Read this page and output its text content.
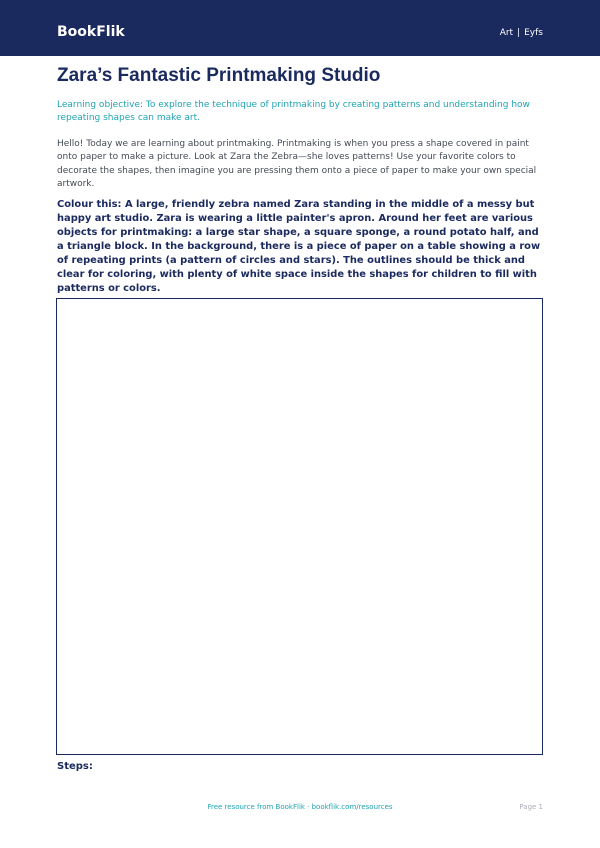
BookFlik	Art | Eyfs
Zara’s Fantastic Printmaking Studio

Learning objective: To explore the technique of printmaking by creating patterns and understanding how repeating shapes can make art.

Hello! Today we are learning about printmaking. Printmaking is when you press a shape covered in paint onto paper to make a picture. Look at Zara the Zebra—she loves patterns! Use your favorite colors to decorate the shapes, then imagine you are pressing them onto a piece of paper to make your own special artwork.

Colour this: A large, friendly zebra named Zara standing in the middle of a messy but happy art studio. Zara is wearing a little painter's apron. Around her feet are various objects for printmaking: a large star shape, a square sponge, a round potato half, and a triangle block. In the background, there is a piece of paper on a table showing a row of repeating prints (a pattern of circles and stars). The outlines should be thick and clear for coloring, with plenty of white space inside the shapes for children to fill with patterns or colors.

Steps:

Free resource from BookFlik · bookflik.com/resources	Page 1
